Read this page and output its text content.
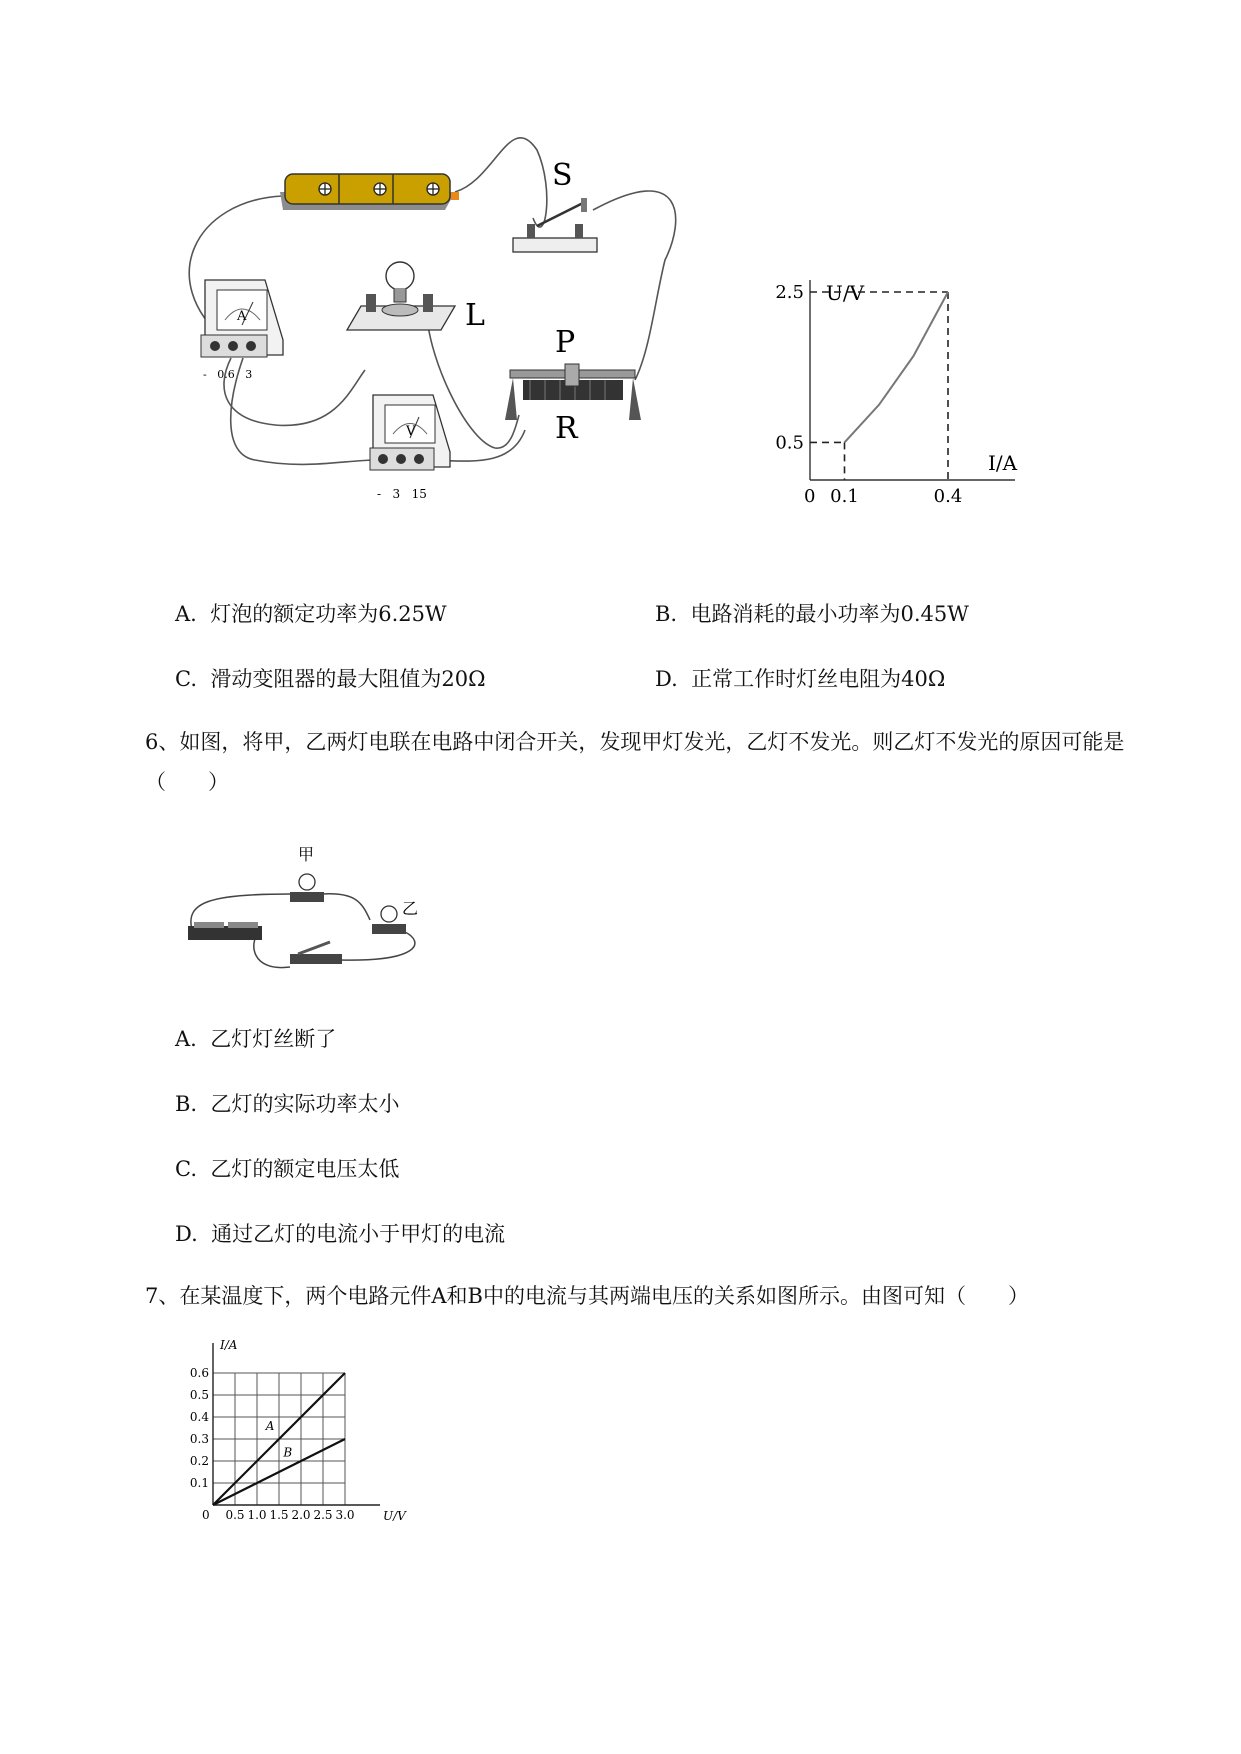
S
A
-   0.6   3
L
P
R
V
-   3   15
U/V
I/A
0 0.1	0.4
0.5
2.5
A. 灯泡的额定功率为6.25W	B. 电路消耗的最小功率为0.45W
C. 滑动变阻器的最大阻值为20Ω	D. 正常工作时灯丝电阻为40Ω
6、如图，将甲，乙两灯电联在电路中闭合开关，发现甲灯发光，乙灯不发光。则乙灯不发光的原因可能是（　　）
甲
乙
A. 乙灯灯丝断了
B. 乙灯的实际功率太小
C. 乙灯的额定电压太低
D. 通过乙灯的电流小于甲灯的电流
7、在某温度下，两个电路元件A和B中的电流与其两端电压的关系如图所示。由图可知（　　）
I/A
U/V
0 0.5 1.0 1.5 2.0 2.5 3.0
0.1
0.2
0.3
0.4
0.5
0.6
A
B
